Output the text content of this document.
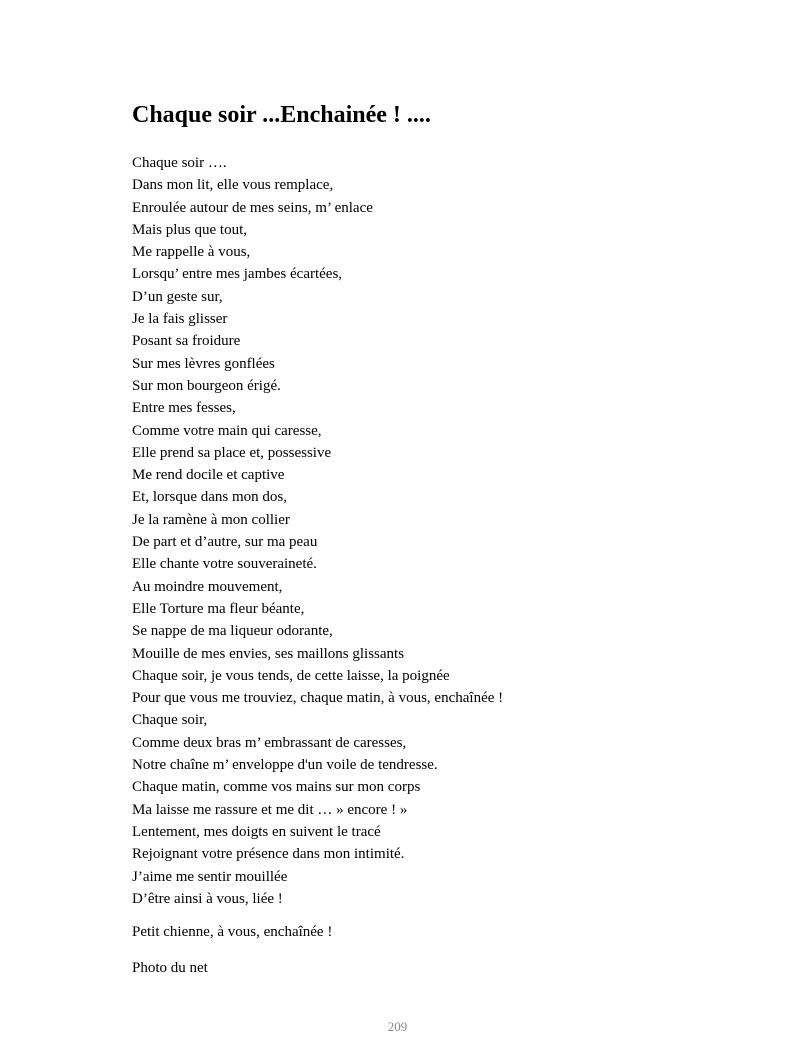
Chaque soir ...Enchainée ! ....
Chaque soir ….
Dans mon lit, elle vous remplace,
Enroulée autour de mes seins, m’ enlace
Mais plus que tout,
Me rappelle à vous,
Lorsqu’ entre mes jambes écartées,
D’un geste sur,
Je la fais glisser
Posant sa froidure
Sur mes lèvres gonflées
Sur mon bourgeon érigé.
Entre mes fesses,
Comme votre main qui caresse,
Elle prend sa place et, possessive
Me rend docile et captive
Et, lorsque dans mon dos,
Je la ramène à mon collier
De part et d’autre, sur ma peau
Elle chante votre souveraineté.
Au moindre mouvement,
Elle Torture ma fleur béante,
Se nappe de ma liqueur odorante,
Mouille de mes envies, ses maillons glissants
Chaque soir, je vous tends, de cette laisse, la poignée
Pour que vous me trouviez, chaque matin, à vous, enchaînée !
Chaque soir,
Comme deux bras m’ embrassant de caresses,
Notre chaîne m’ enveloppe d'un voile de tendresse.
Chaque matin, comme vos mains sur mon corps
Ma laisse me rassure et me dit … » encore ! »
Lentement, mes doigts en suivent le tracé
Rejoignant votre présence dans mon intimité.
J’aime me sentir mouillée
D’être ainsi à vous, liée !

Petit chienne, à vous, enchaînée !

Photo du net

209
